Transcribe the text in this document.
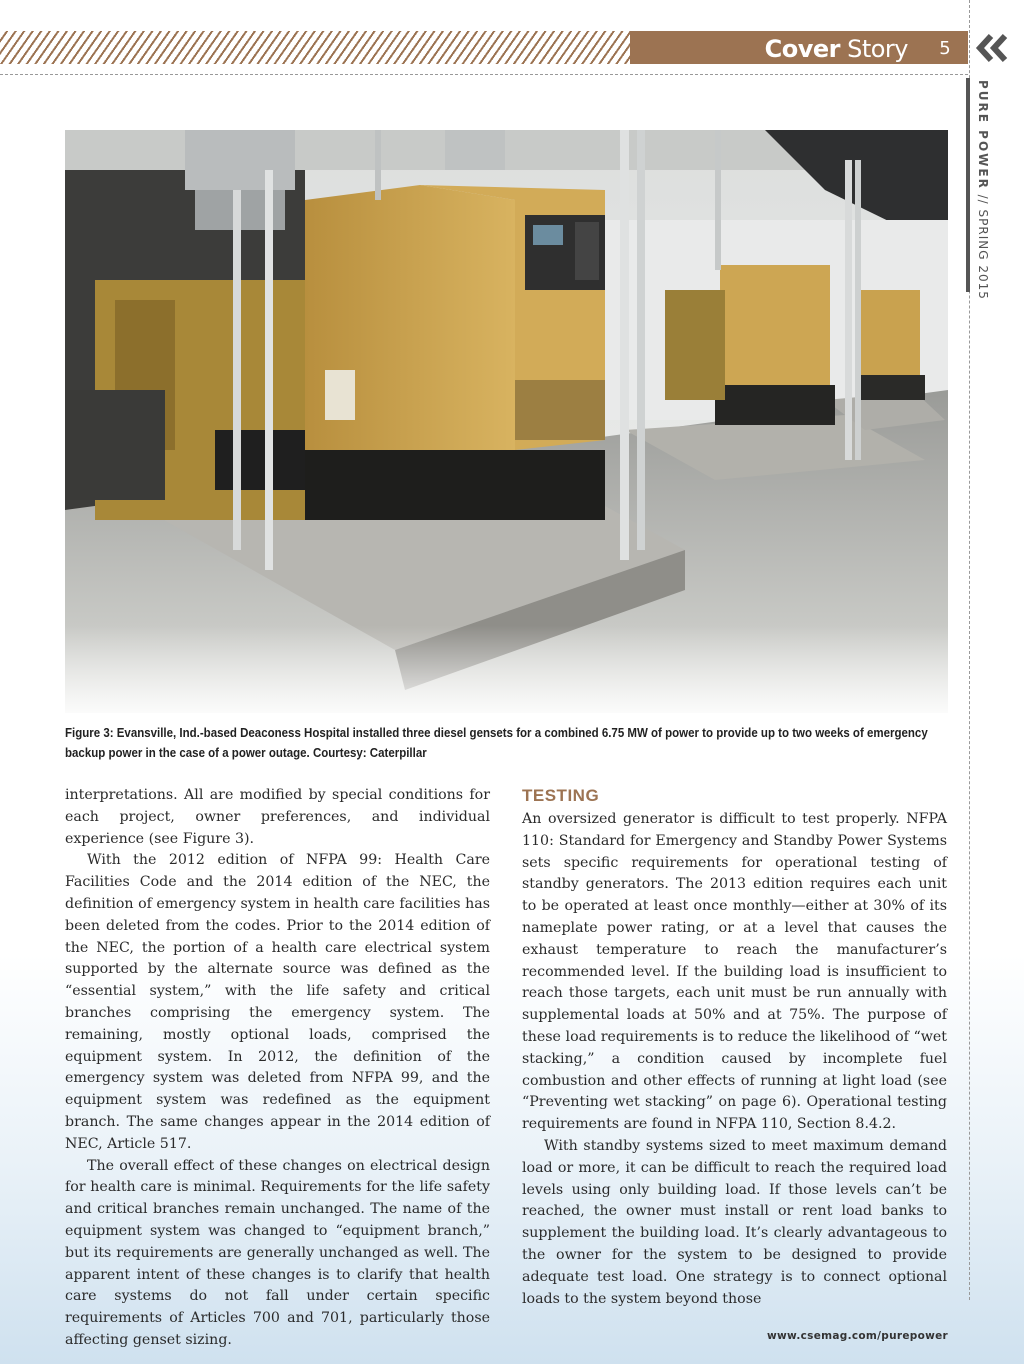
Cover Story	5
PURE POWER // SPRING 2015
Figure 3: Evansville, Ind.-based Deaconess Hospital installed three diesel gensets for a combined 6.75 MW of power to provide up to two weeks of emergency backup power in the case of a power outage. Courtesy: Caterpillar

interpretations. All are modified by special conditions for each project, owner preferences, and individual experience (see Figure 3).

With the 2012 edition of NFPA 99: Health Care Facilities Code and the 2014 edition of the NEC, the definition of emergency system in health care facilities has been deleted from the codes. Prior to the 2014 edition of the NEC, the portion of a health care electrical system supported by the alternate source was defined as the “essential system,” with the life safety and critical branches comprising the emergency system. The remaining, mostly optional loads, comprised the equipment system. In 2012, the definition of the emergency system was deleted from NFPA 99, and the equipment system was redefined as the equipment branch. The same changes appear in the 2014 edition of NEC, Article 517.

The overall effect of these changes on electrical design for health care is minimal. Requirements for the life safety and critical branches remain unchanged. The name of the equipment system was changed to “equipment branch,” but its requirements are generally unchanged as well. The apparent intent of these changes is to clarify that health care systems do not fall under certain specific requirements of Articles 700 and 701, particularly those affecting genset sizing.

TESTING

An oversized generator is difficult to test properly. NFPA 110: Standard for Emergency and Standby Power Systems sets specific requirements for operational testing of standby generators. The 2013 edition requires each unit to be operated at least once monthly—either at 30% of its nameplate power rating, or at a level that causes the exhaust temperature to reach the manufacturer’s recommended level. If the building load is insufficient to reach those targets, each unit must be run annually with supplemental loads at 50% and at 75%. The purpose of these load requirements is to reduce the likelihood of “wet stacking,” a condition caused by incomplete fuel combustion and other effects of running at light load (see “Preventing wet stacking” on page 6). Operational testing requirements are found in NFPA 110, Section 8.4.2.

With standby systems sized to meet maximum demand load or more, it can be difficult to reach the required load levels using only building load. If those levels can’t be reached, the owner must install or rent load banks to supplement the building load. It’s clearly advantageous to the owner for the system to be designed to provide adequate test load. One strategy is to connect optional loads to the system beyond those

www.csemag.com/purepower
